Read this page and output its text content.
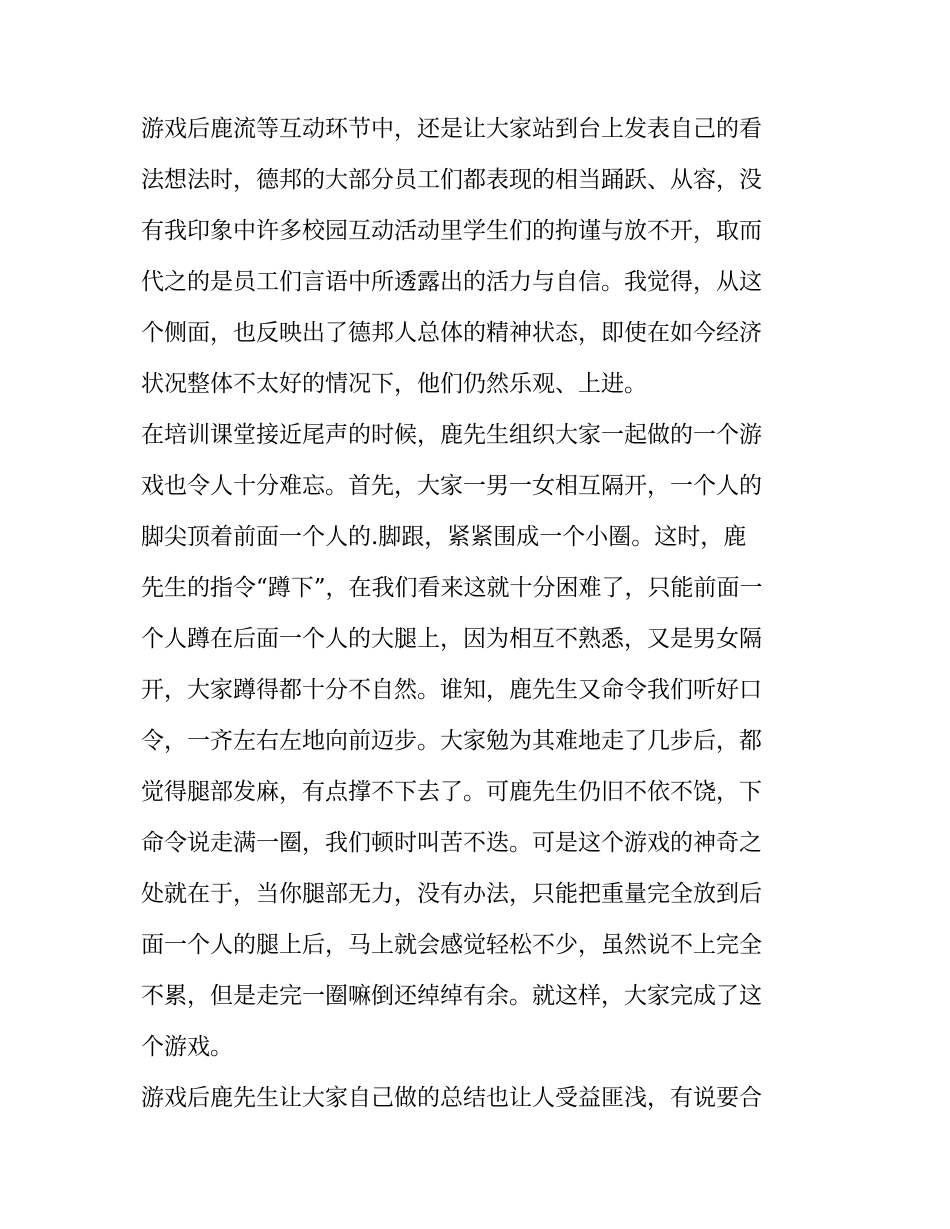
游戏后鹿流等互动环节中，还是让大家站到台上发表自己的看
法想法时，德邦的大部分员工们都表现的相当踊跃、从容，没
有我印象中许多校园互动活动里学生们的拘谨与放不开，取而
代之的是员工们言语中所透露出的活力与自信。我觉得，从这
个侧面，也反映出了德邦人总体的精神状态，即使在如今经济
状况整体不太好的情况下，他们仍然乐观、上进。
在培训课堂接近尾声的时候，鹿先生组织大家一起做的一个游
戏也令人十分难忘。首先，大家一男一女相互隔开，一个人的
脚尖顶着前面一个人的.脚跟，紧紧围成一个小圈。这时，鹿
先生的指令“蹲下”，在我们看来这就十分困难了，只能前面一
个人蹲在后面一个人的大腿上，因为相互不熟悉，又是男女隔
开，大家蹲得都十分不自然。谁知，鹿先生又命令我们听好口
令，一齐左右左地向前迈步。大家勉为其难地走了几步后，都
觉得腿部发麻，有点撑不下去了。可鹿先生仍旧不依不饶，下
命令说走满一圈，我们顿时叫苦不迭。可是这个游戏的神奇之
处就在于，当你腿部无力，没有办法，只能把重量完全放到后
面一个人的腿上后，马上就会感觉轻松不少，虽然说不上完全
不累，但是走完一圈嘛倒还绰绰有余。就这样，大家完成了这
个游戏。
游戏后鹿先生让大家自己做的总结也让人受益匪浅，有说要合
